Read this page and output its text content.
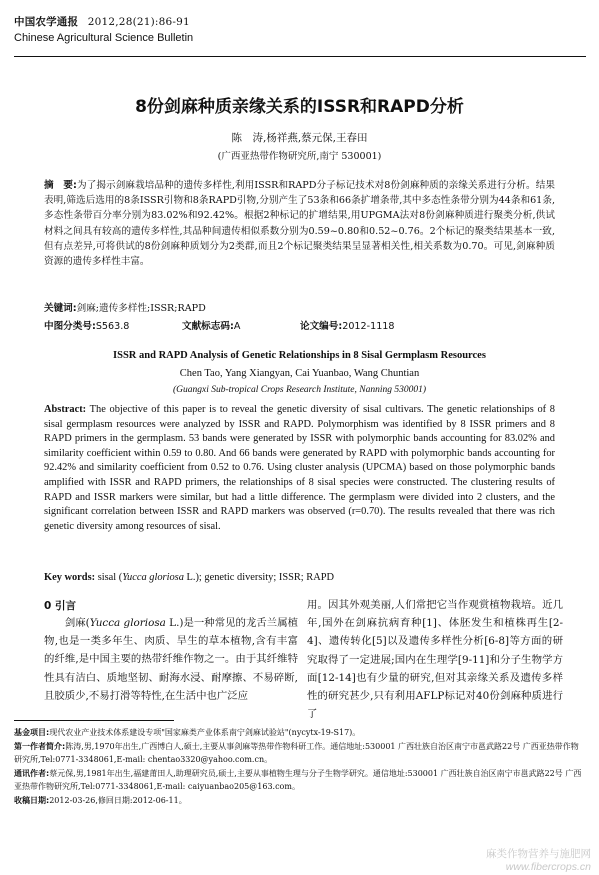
中国农学通报 2012,28(21):86-91
Chinese Agricultural Science Bulletin
8份剑麻种质亲缘关系的ISSR和RAPD分析
陈　涛,杨祥燕,蔡元保,王春田
(广西亚热带作物研究所,南宁 530001)
摘　要:为了揭示剑麻栽培品种的遗传多样性,利用ISSR和RAPD分子标记技术对8份剑麻种质的亲缘关系进行分析。结果表明,筛选后选用的8条ISSR引物和8条RAPD引物,分别产生了53条和66条扩增条带,其中多态性条带分别为44条和61条,多态性条带百分率分别为83.02%和92.42%。根据2种标记的扩增结果,用UPGMA法对8份剑麻种质进行聚类分析,供试材料之间具有较高的遗传多样性,其品种间遗传相似系数分别为0.59~0.80和0.52~0.76。2个标记的聚类结果基本一致,但有点差异,可将供试的8份剑麻种质划分为2类群,而且2个标记聚类结果呈显著相关性,相关系数为0.70。可见,剑麻种质资源的遗传多样性丰富。
关键词:剑麻;遗传多样性;ISSR;RAPD
中图分类号:S563.8	文献标志码:A	论文编号:2012-1118
ISSR and RAPD Analysis of Genetic Relationships in 8 Sisal Germplasm Resources
Chen Tao, Yang Xiangyan, Cai Yuanbao, Wang Chuntian
(Guangxi Sub-tropical Crops Research Institute, Nanning 530001)
Abstract: The objective of this paper is to reveal the genetic diversity of sisal cultivars. The genetic relationships of 8 sisal germplasm resources were analyzed by ISSR and RAPD. Polymorphism was identified by 8 ISSR primers and 8 RAPD primers in the germplasm. 53 bands were generated by ISSR with polymorphic bands accounting for 83.02% and similarity coefficient within 0.59 to 0.80. And 66 bands were generated by RAPD with polymorphic bands accounting for 92.42% and similarity coefficient from 0.52 to 0.76. Using cluster analysis (UPCMA) based on those polymorphic bands amplified with ISSR and RAPD primers, the relationships of 8 sisal species were constructed. The clustering results of RAPD and ISSR markers were similar, but had a little difference. The germplasm were divided into 2 clusters, and the significant correlation between ISSR and RAPD markers was observed (r=0.70). The results revealed that there was rich genetic diversity among resources of sisal.
Key words: sisal (Yucca gloriosa L.); genetic diversity; ISSR; RAPD
0 引言
　　剑麻(Yucca gloriosa L.)是一种常见的龙舌兰属植物,也是一类多年生、肉质、旱生的草本植物,含有丰富的纤维,是中国主要的热带纤维作物之一。由于其纤维特性具有洁白、质地坚韧、耐海水浸、耐摩擦、不易碎断,且胶质少,不易打滑等特性,在生活中也广泛应
用。因其外观美丽,人们常把它当作观赏植物栽培。近几年,国外在剑麻抗病育种[1]、体胚发生和植株再生[2-4]、遗传转化[5]以及遗传多样性分析[6-8]等方面的研究取得了一定进展;国内在生理学[9-11]和分子生物学方面[12-14]也有少量的研究,但对其亲缘关系及遗传多样性的研究甚少,只有利用AFLP标记对40份剑麻种质进行了

基金项目:现代农业产业技术体系建设专项"国家麻类产业体系南宁剑麻试验站"(nycytx-19-S17)。

第一作者简介:陈涛,男,1970年出生,广西博白人,硕士,主要从事剑麻等热带作物科研工作。通信地址:530001 广西壮族自治区南宁市邕武路22号 广西亚热带作物研究所,Tel:0771-3348061,E-mail: chentao3320@yahoo.com.cn。

通讯作者:蔡元保,男,1981年出生,福建莆田人,助理研究员,硕士,主要从事植物生理与分子生物学研究。通信地址:530001 广西壮族自治区南宁市邕武路22号 广西亚热带作物研究所,Tel:0771-3348061,E-mail: caiyuanbao205@163.com。

收稿日期:2012-03-26,修回日期:2012-06-11。

麻类作物营养与施肥网
www.fibercrops.cn
